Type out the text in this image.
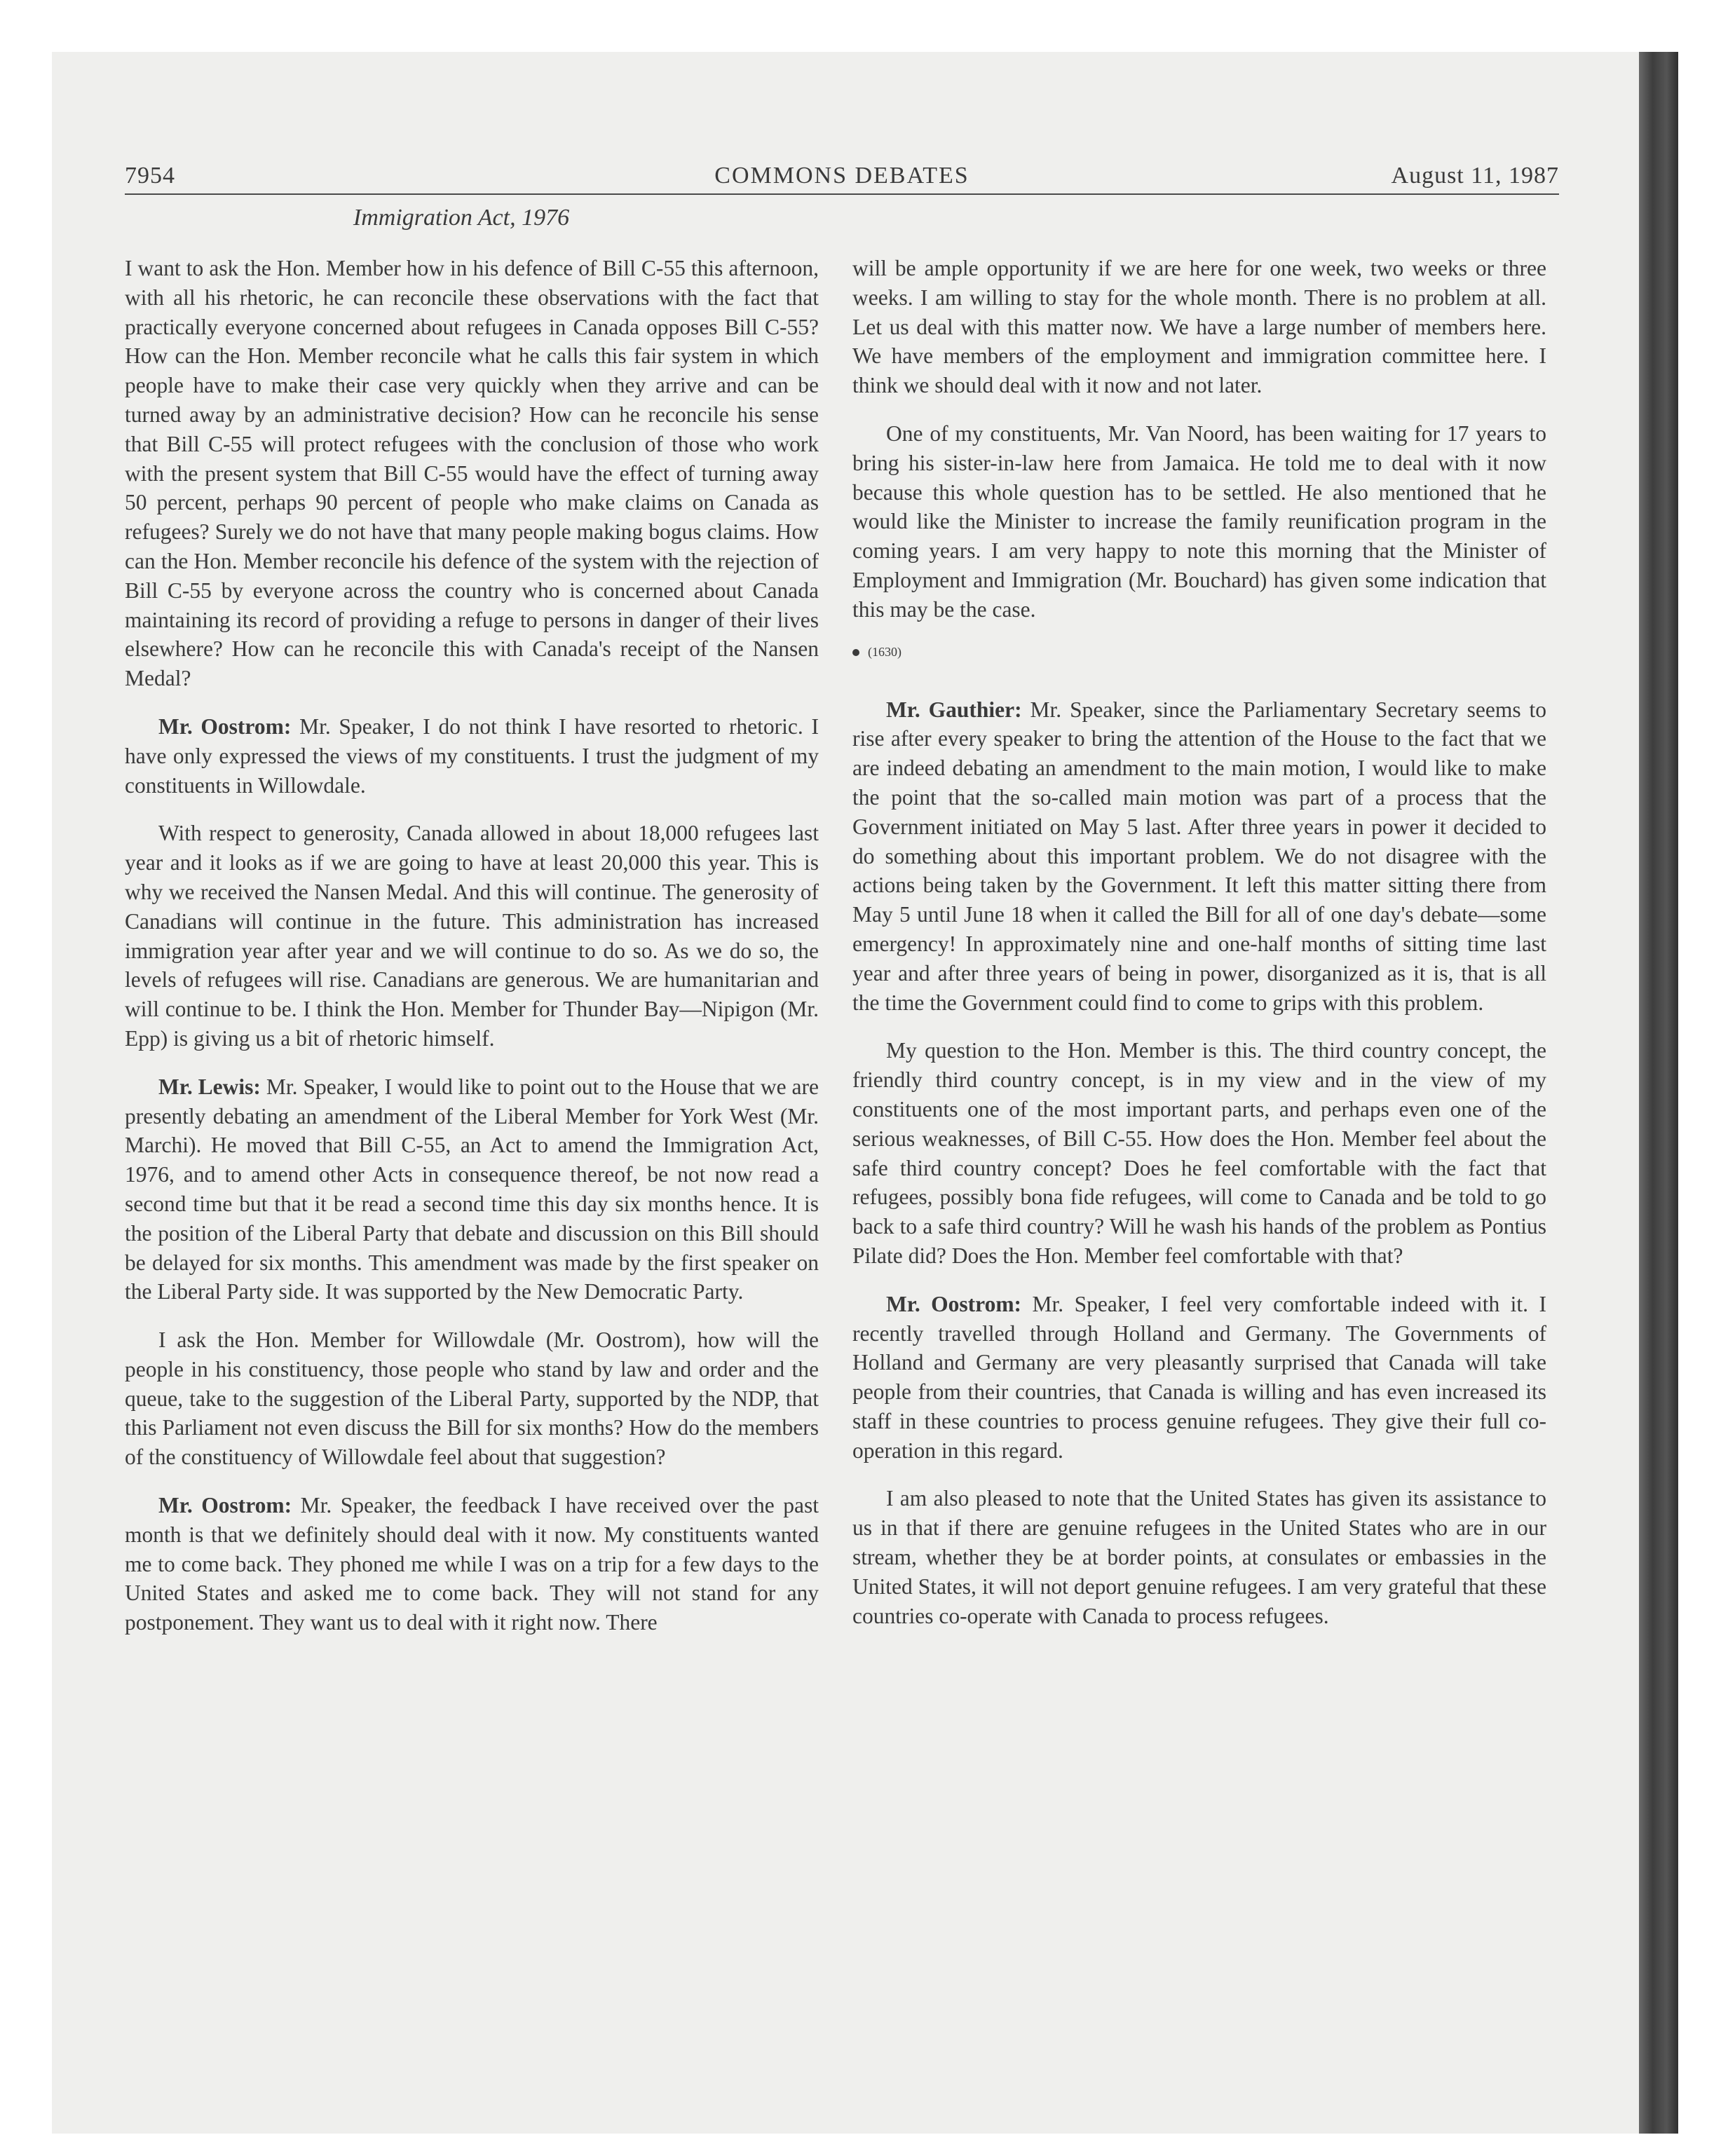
7954	COMMONS DEBATES	August 11, 1987
Immigration Act, 1976

I want to ask the Hon. Member how in his defence of Bill C-55 this afternoon, with all his rhetoric, he can reconcile these observations with the fact that practically everyone concerned about refugees in Canada opposes Bill C-55? How can the Hon. Member reconcile what he calls this fair system in which people have to make their case very quickly when they arrive and can be turned away by an administrative decision? How can he reconcile his sense that Bill C-55 will protect refugees with the conclusion of those who work with the present system that Bill C-55 would have the effect of turning away 50 percent, perhaps 90 percent of people who make claims on Canada as refugees? Surely we do not have that many people making bogus claims. How can the Hon. Member reconcile his defence of the system with the rejection of Bill C-55 by everyone across the country who is concerned about Canada maintaining its record of providing a refuge to persons in danger of their lives elsewhere? How can he reconcile this with Canada's receipt of the Nansen Medal?

Mr. Oostrom: Mr. Speaker, I do not think I have resorted to rhetoric. I have only expressed the views of my constituents. I trust the judgment of my constituents in Willowdale.

With respect to generosity, Canada allowed in about 18,000 refugees last year and it looks as if we are going to have at least 20,000 this year. This is why we received the Nansen Medal. And this will continue. The generosity of Canadians will continue in the future. This administration has increased immigration year after year and we will continue to do so. As we do so, the levels of refugees will rise. Canadians are generous. We are humanitarian and will continue to be. I think the Hon. Member for Thunder Bay—Nipigon (Mr. Epp) is giving us a bit of rhetoric himself.

Mr. Lewis: Mr. Speaker, I would like to point out to the House that we are presently debating an amendment of the Liberal Member for York West (Mr. Marchi). He moved that Bill C-55, an Act to amend the Immigration Act, 1976, and to amend other Acts in consequence thereof, be not now read a second time but that it be read a second time this day six months hence. It is the position of the Liberal Party that debate and discussion on this Bill should be delayed for six months. This amendment was made by the first speaker on the Liberal Party side. It was supported by the New Democratic Party.

I ask the Hon. Member for Willowdale (Mr. Oostrom), how will the people in his constituency, those people who stand by law and order and the queue, take to the suggestion of the Liberal Party, supported by the NDP, that this Parliament not even discuss the Bill for six months? How do the members of the constituency of Willowdale feel about that suggestion?

Mr. Oostrom: Mr. Speaker, the feedback I have received over the past month is that we definitely should deal with it now. My constituents wanted me to come back. They phoned me while I was on a trip for a few days to the United States and asked me to come back. They will not stand for any postponement. They want us to deal with it right now. There

will be ample opportunity if we are here for one week, two weeks or three weeks. I am willing to stay for the whole month. There is no problem at all. Let us deal with this matter now. We have a large number of members here. We have members of the employment and immigration committee here. I think we should deal with it now and not later.

One of my constituents, Mr. Van Noord, has been waiting for 17 years to bring his sister-in-law here from Jamaica. He told me to deal with it now because this whole question has to be settled. He also mentioned that he would like the Minister to increase the family reunification program in the coming years. I am very happy to note this morning that the Minister of Employment and Immigration (Mr. Bouchard) has given some indication that this may be the case.

(1630)

Mr. Gauthier: Mr. Speaker, since the Parliamentary Secretary seems to rise after every speaker to bring the attention of the House to the fact that we are indeed debating an amendment to the main motion, I would like to make the point that the so-called main motion was part of a process that the Government initiated on May 5 last. After three years in power it decided to do something about this important problem. We do not disagree with the actions being taken by the Government. It left this matter sitting there from May 5 until June 18 when it called the Bill for all of one day's debate—some emergency! In approximately nine and one-half months of sitting time last year and after three years of being in power, disorganized as it is, that is all the time the Government could find to come to grips with this problem.

My question to the Hon. Member is this. The third country concept, the friendly third country concept, is in my view and in the view of my constituents one of the most important parts, and perhaps even one of the serious weaknesses, of Bill C-55. How does the Hon. Member feel about the safe third country concept? Does he feel comfortable with the fact that refugees, possibly bona fide refugees, will come to Canada and be told to go back to a safe third country? Will he wash his hands of the problem as Pontius Pilate did? Does the Hon. Member feel comfortable with that?

Mr. Oostrom: Mr. Speaker, I feel very comfortable indeed with it. I recently travelled through Holland and Germany. The Governments of Holland and Germany are very pleasantly surprised that Canada will take people from their countries, that Canada is willing and has even increased its staff in these countries to process genuine refugees. They give their full co-operation in this regard.

I am also pleased to note that the United States has given its assistance to us in that if there are genuine refugees in the United States who are in our stream, whether they be at border points, at consulates or embassies in the United States, it will not deport genuine refugees. I am very grateful that these countries co-operate with Canada to process refugees.
